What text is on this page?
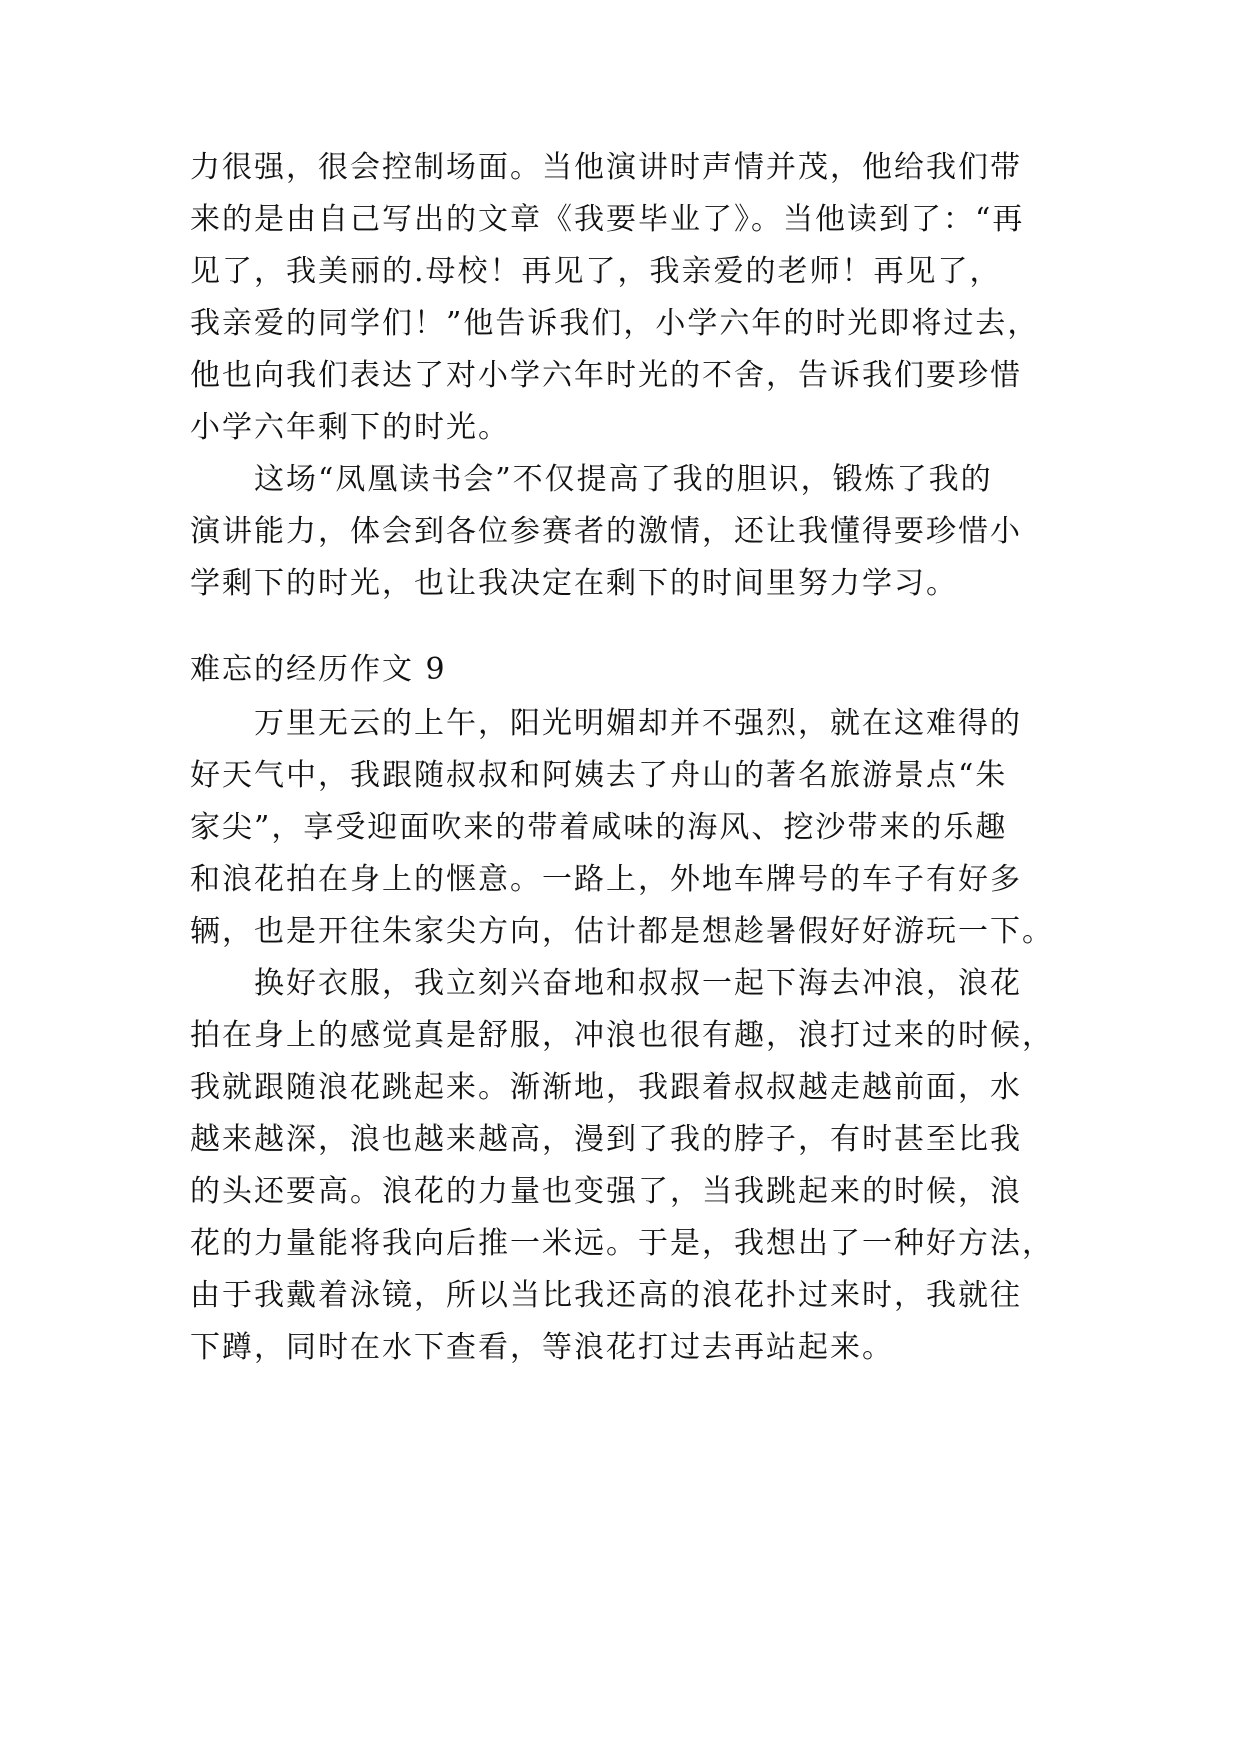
力很强，很会控制场面。当他演讲时声情并茂，他给我们带
来的是由自己写出的文章《我要毕业了》。当他读到了：“再
见了，我美丽的.母校！再见了，我亲爱的老师！再见了，
我亲爱的同学们！”他告诉我们，小学六年的时光即将过去，
他也向我们表达了对小学六年时光的不舍，告诉我们要珍惜
小学六年剩下的时光。
　　这场“凤凰读书会”不仅提高了我的胆识，锻炼了我的
演讲能力，体会到各位参赛者的激情，还让我懂得要珍惜小
学剩下的时光，也让我决定在剩下的时间里努力学习。
难忘的经历作文 9
　　万里无云的上午，阳光明媚却并不强烈，就在这难得的
好天气中，我跟随叔叔和阿姨去了舟山的著名旅游景点“朱
家尖”，享受迎面吹来的带着咸味的海风、挖沙带来的乐趣
和浪花拍在身上的惬意。一路上，外地车牌号的车子有好多
辆，也是开往朱家尖方向，估计都是想趁暑假好好游玩一下。
　　换好衣服，我立刻兴奋地和叔叔一起下海去冲浪，浪花
拍在身上的感觉真是舒服，冲浪也很有趣，浪打过来的时候，
我就跟随浪花跳起来。渐渐地，我跟着叔叔越走越前面，水
越来越深，浪也越来越高，漫到了我的脖子，有时甚至比我
的头还要高。浪花的力量也变强了，当我跳起来的时候，浪
花的力量能将我向后推一米远。于是，我想出了一种好方法，
由于我戴着泳镜，所以当比我还高的浪花扑过来时，我就往
下蹲，同时在水下查看，等浪花打过去再站起来。
